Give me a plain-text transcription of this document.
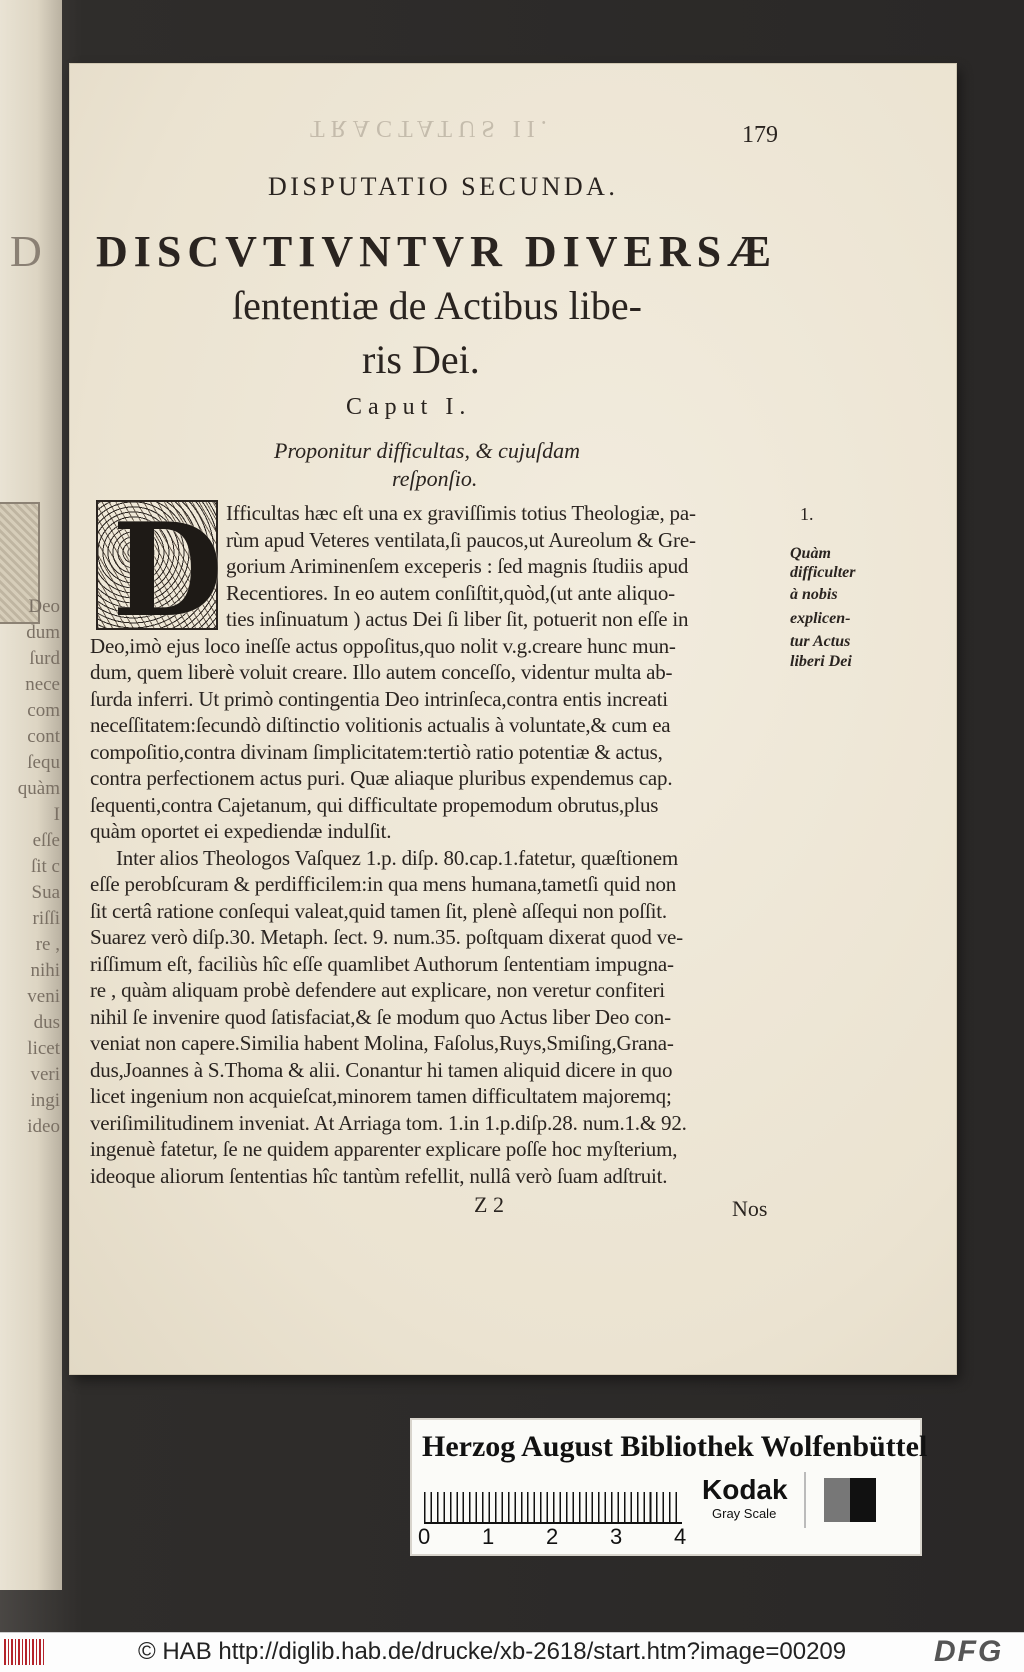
D
Deo
dum
ſurd
nece
com
cont
ſequ
quàm
I
eſſe
ſit c
Sua
riſſi
re ,
nihi
veni
dus
licet
veri
ingi
ideo
TRACTATUS II.	179
DISPUTATIO SECUNDA.
DISCVTIVNTVR DIVERSÆ
ſententiæ de Actibus libe-
ris Dei.
Caput I.
Proponitur difficultas, & cujuſdam
reſponſio.
D Ifficultas hæc eſt una ex graviſſimis totius Theologiæ, pa-
rùm apud Veteres ventilata,ſi paucos,ut Aureolum & Gre-
gorium Ariminenſem exceperis : ſed magnis ſtudiis apud
Recentiores. In eo autem conſiſtit,quòd,(ut ante aliquo-
ties inſinuatum ) actus Dei ſi liber ſit, potuerit non eſſe in
Deo,imò ejus loco ineſſe actus oppoſitus,quo nolit v.g.creare hunc mun-
dum, quem liberè voluit creare. Illo autem conceſſo, videntur multa ab-
ſurda inferri. Ut primò contingentia Deo intrinſeca,contra entis increati
neceſſitatem:ſecundò diſtinctio volitionis actualis à voluntate,& cum ea
compoſitio,contra divinam ſimplicitatem:tertiò ratio potentiæ & actus,
contra perfectionem actus puri. Quæ aliaque pluribus expendemus cap.
ſequenti,contra Cajetanum, qui difficultate propemodum obrutus,plus
quàm oportet ei expediendæ indulſit.
Inter alios Theologos Vaſquez 1.p. diſp. 80.cap.1.fatetur, quæſtionem
eſſe perobſcuram & perdifficilem:in qua mens humana,tametſi quid non
ſit certâ ratione conſequi valeat,quid tamen ſit, plenè aſſequi non poſſit.
Suarez verò diſp.30. Metaph. ſect. 9. num.35. poſtquam dixerat quod ve-
riſſimum eſt, faciliùs hîc eſſe quamlibet Authorum ſententiam impugna-
re , quàm aliquam probè defendere aut explicare, non veretur confiteri
nihil ſe invenire quod ſatisfaciat,& ſe modum quo Actus liber Deo con-
veniat non capere.Similia habent Molina, Faſolus,Ruys,Smiſing,Grana-
dus,Joannes à S.Thoma & alii. Conantur hi tamen aliquid dicere in quo
licet ingenium non acquieſcat,minorem tamen difficultatem majoremq;
veriſimilitudinem inveniat. At Arriaga tom. 1.in 1.p.diſp.28. num.1.& 92.
ingenuè fatetur, ſe ne quidem apparenter explicare poſſe hoc myſterium,
ideoque aliorum ſententias hîc tantùm refellit, nullâ verò ſuam adſtruit.
1.
Quàm
difficulter
à nobis
explicen-
tur Actus
liberi Dei
Z 2	Nos
Herzog August Bibliothek Wolfenbüttel
0 1 2 3 4
Kodak
Gray Scale
© HAB http://diglib.hab.de/drucke/xb-2618/start.htm?image=00209	DFG
